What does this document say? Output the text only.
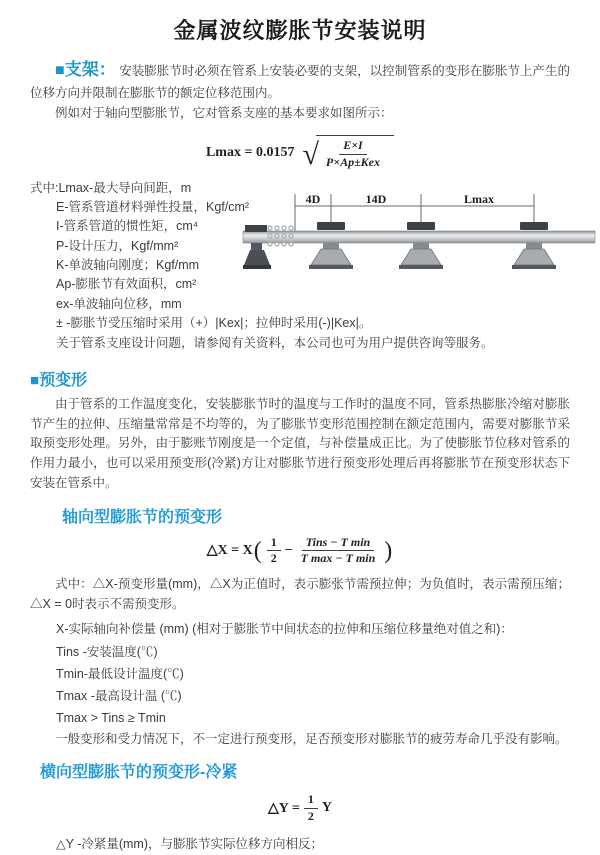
金属波纹膨胀节安装说明

■支架： 安装膨胀节时必须在管系上安装必要的支架，以控制管系的变形在膨胀节上产生的位移方向并限制在膨胀节的额定位移范围内。

例如对于轴向型膨胀节，它对管系支座的基本要求如图所示：

Lmax = 0.0157 √ $\frac{E\times I}{\text{P×Ap±Kex}}$
式中:Lmax-最大导向间距，m
E-管系管道材料弹性投量，Kgf/cm²
I-管系管道的惯性矩，cm⁴
P-设计压力，Kgf/mm²
K-单波轴向刚度；Kgf/mm
Ap-膨胀节有效面积，cm²
ex-单波轴向位移，mm
± -膨胀节受压缩时采用（+）|Kex|；拉伸时采用(-)|Kex|。
关于管系支座设计问题，请参阅有关资料，本公司也可为用户提供咨询等服务。
■预变形

由于管系的工作温度变化，安装膨胀节时的温度与工作时的温度不同，管系热膨胀冷缩对膨胀节产生的拉伸、压缩量常常是不均等的，为了膨胀节变形范围控制在额定范围内，需要对膨胀节采取预变形处理。另外，由于膨账节刚度是一个定值，与补偿量成正比。为了使膨胀节位移对管系的作用力最小，也可以采用预变形(冷紧)方让对膨胀节进行预变形处理后再将膨胀节在预变形状态下安装在管系中。

轴向型膨胀节的预变形
△X = X ( $\frac{1}{2} - \frac{\text{Tins − T min}}{\text{T max − T min}}$ )

式中：△X-预变形量(mm)，△X为正值时，表示膨张节需预拉伸；为负值时，表示需预压缩；△X = 0时表示不需预变形。

X-实际轴向补偿量 (mm) (相对于膨胀节中间状态的拉伸和压缩位移量绝对值之和)：
Tins -安装温度(℃)
Tmin-最低设计温度(℃)
Tmax -最高设计温 (℃)
Tmax > Tins ≥ Tmin

一般变形和受力情况下，不一定进行预变形，足否预变形对膨胀节的疲劳寿命几乎没有影响。

横向型膨胀节的预变形-冷紧
△Y = $\frac{1}{2}$ Y
△Y -冷紧量(mm)，与膨胀节实际位移方向相反；
4D	14D	Lmax
